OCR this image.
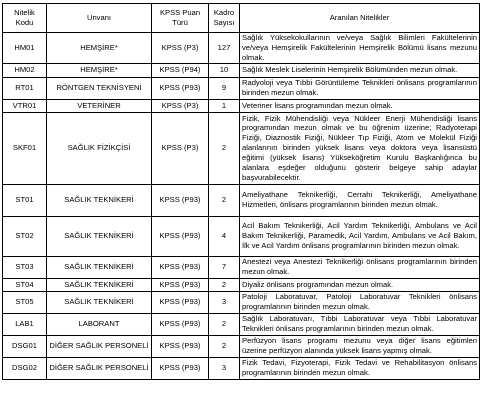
Nitelik Kodu	Unvanı	KPSS Puan Türü	Kadro Sayısı	Aranılan Nitelikler
HM01	HEMŞİRE*	KPSS (P3)	127	Sağlık Yüksekokullarının ve/veya Sağlık Bilimleri Fakültelerinin ve/veya Hemşirelik Fakültelerinin Hemşirelik Bölümü lisans mezunu olmak.
HM02	HEMŞİRE*	KPSS (P94)	10	Sağlık Meslek Liselerinin Hemşirelik Bölümünden mezun olmak.
RT01	RÖNTGEN TEKNİSYENİ	KPSS (P93)	9	Radyoloji veya Tıbbi Görüntüleme Teknikleri önlisans programlarının birinden mezun olmak.
VTR01	VETERİNER	KPSS (P3)	1	Veteriner lisans programından mezun olmak.
SKF01	SAĞLIK FİZİKÇİSİ	KPSS (P3)	2	Fizik, Fizik Mühendisliği veya Nükleer Enerji Mühendisliği lisans programından mezun olmak ve bu öğrenim üzerine; Radyoterapi Fiziği, Diaznostik Fiziği, Nükleer Tıp Fiziği, Atom ve Molekül Fiziği alanlarının birinden yüksek lisans veya doktora veya lisansüstü eğitimi (yüksek lisans) Yükseköğretim Kurulu Başkanlığınca bu alanlara eşdeğer olduğunu gösterir belgeye sahip adaylar başvurabilecektir.
ST01	SAĞLIK TEKNİKERİ	KPSS (P93)	2	Ameliyathane Teknikerliği, Cerrahi Teknikerliği, Ameliyathane Hizmetleri, önlisans programlarının birinden mezun olmak.
ST02	SAĞLIK TEKNİKERİ	KPSS (P93)	4	Acil Bakım Teknikerliği, Acil Yardım Teknikerliği, Ambulans ve Acil Bakım Teknikerliği, Paramedik, Acil Yardım, Ambulans ve Acil Bakım, İlk ve Acil Yardım önlisans programlarının birinden mezun olmak.
ST03	SAĞLIK TEKNİKERİ	KPSS (P93)	7	Anestezi veya Anestezi Teknikerliği önlisans programlarının birinden mezun olmak.
ST04	SAĞLIK TEKNİKERİ	KPSS (P93)	2	Diyaliz önlisans programından mezun olmak.
ST05	SAĞLIK TEKNİKERİ	KPSS (P93)	3	Patoloji Laboratuvar, Patoloji Laboratuvar Teknikleri önlisans programlarının birinden mezun olmak.
LAB1	LABORANT	KPSS (P93)	2	Sağlık Laboratuvarı, Tıbbi Laboratuvar veya Tıbbi Laboratuvar Teknikleri önlisans programlarının birinden mezun olmak.
DSG01	DİĞER SAĞLIK PERSONELİ	KPSS (P93)	2	Perfüzyon lisans programı mezunu veya diğer lisans eğitimleri üzerine perfüzyon alanında yüksek lisans yapmış olmak.
DSG02	DİĞER SAĞLIK PERSONELİ	KPSS (P93)	3	Fizik Tedavi, Fizyoterapi, Fizik Tedavi ve Rehabilitasyon önlisans programlarının birinden mezun olmak.
